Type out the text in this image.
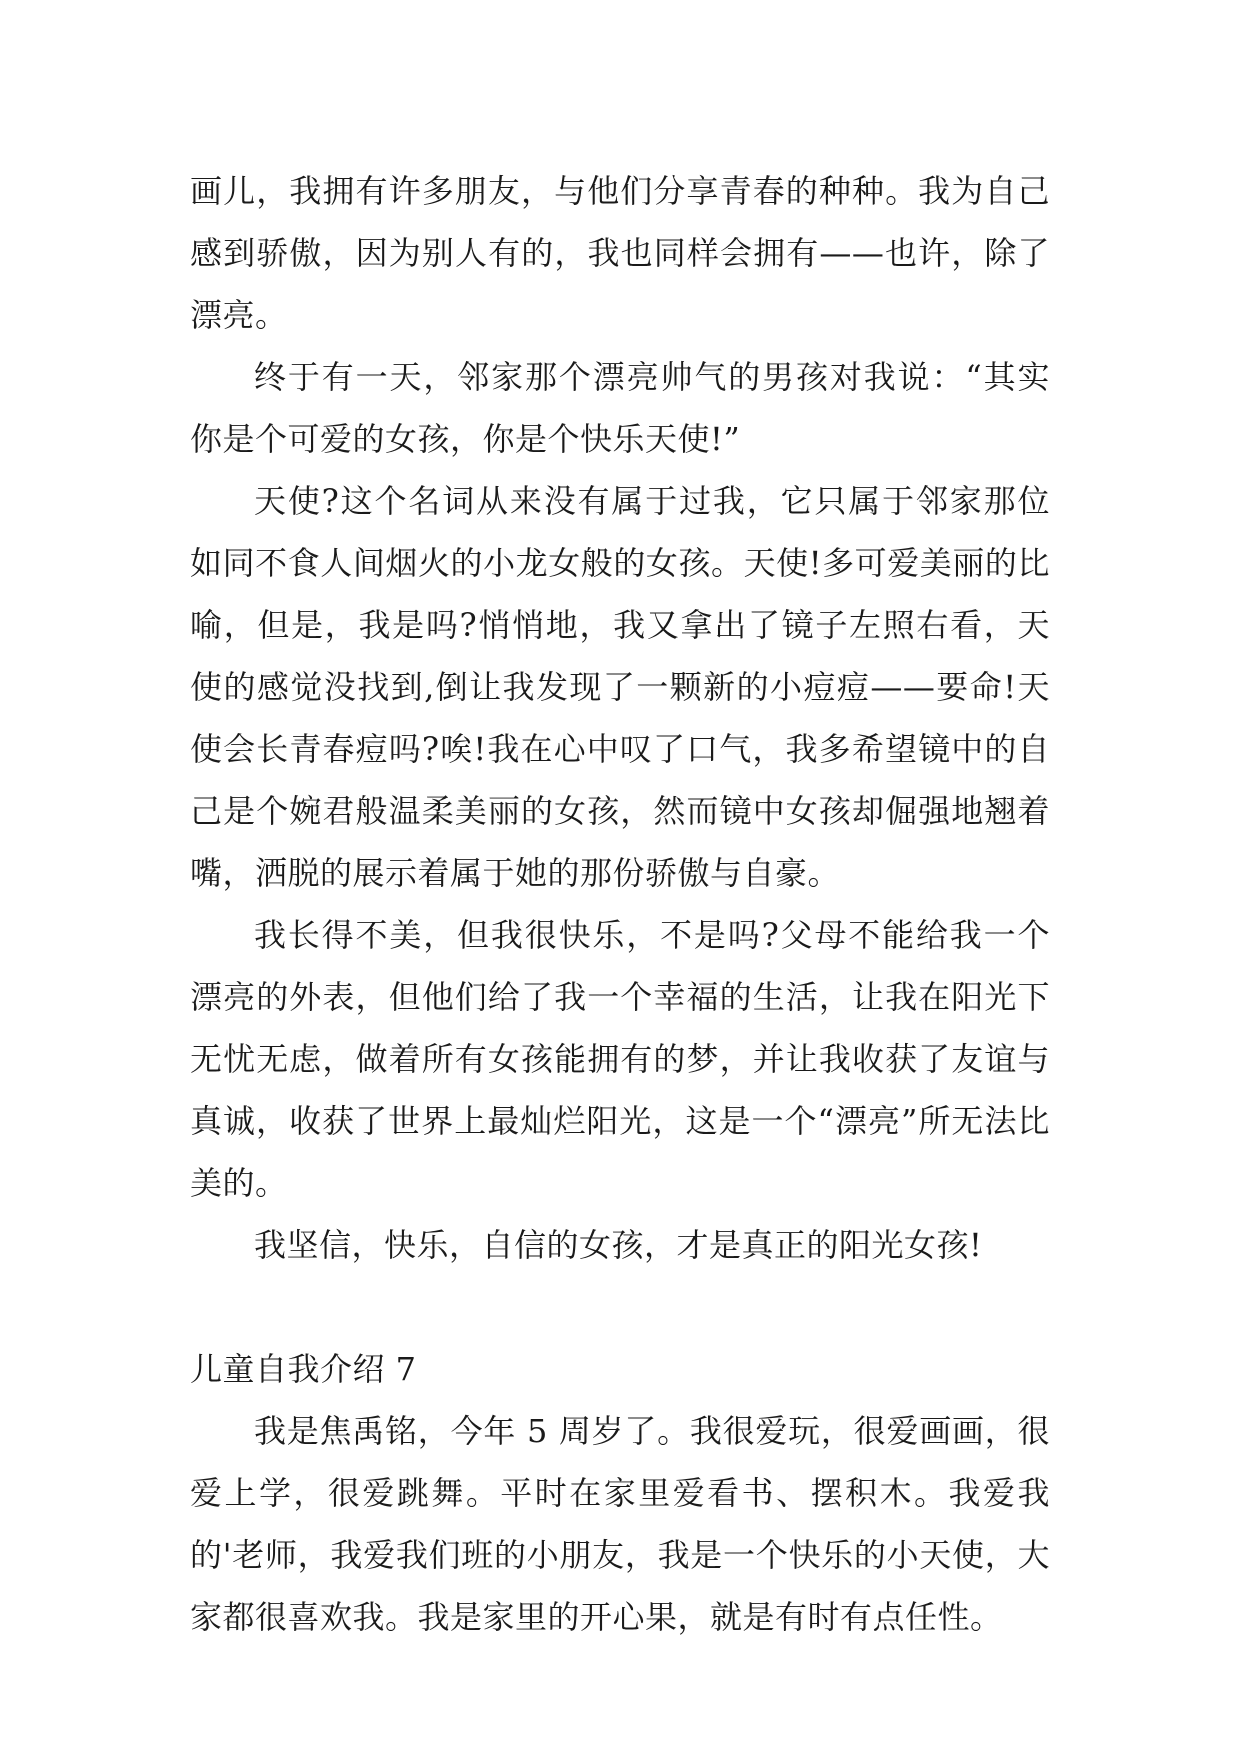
画儿，我拥有许多朋友，与他们分享青春的种种。我为自己感到骄傲，因为别人有的，我也同样会拥有——也许，除了漂亮。

终于有一天，邻家那个漂亮帅气的男孩对我说：“其实你是个可爱的女孩，你是个快乐天使!”

天使?这个名词从来没有属于过我，它只属于邻家那位如同不食人间烟火的小龙女般的女孩。天使!多可爱美丽的比喻，但是，我是吗?悄悄地，我又拿出了镜子左照右看，天使的感觉没找到,倒让我发现了一颗新的小痘痘——要命!天使会长青春痘吗?唉!我在心中叹了口气，我多希望镜中的自己是个婉君般温柔美丽的女孩，然而镜中女孩却倔强地翘着嘴，洒脱的展示着属于她的那份骄傲与自豪。

我长得不美，但我很快乐，不是吗?父母不能给我一个漂亮的外表，但他们给了我一个幸福的生活，让我在阳光下无忧无虑，做着所有女孩能拥有的梦，并让我收获了友谊与真诚，收获了世界上最灿烂阳光，这是一个“漂亮”所无法比美的。

我坚信，快乐，自信的女孩，才是真正的阳光女孩!

儿童自我介绍 7

我是焦禹铭，今年 5 周岁了。我很爱玩，很爱画画，很爱上学，很爱跳舞。平时在家里爱看书、摆积木。我爱我的'老师，我爱我们班的小朋友，我是一个快乐的小天使，大家都很喜欢我。我是家里的开心果，就是有时有点任性。
